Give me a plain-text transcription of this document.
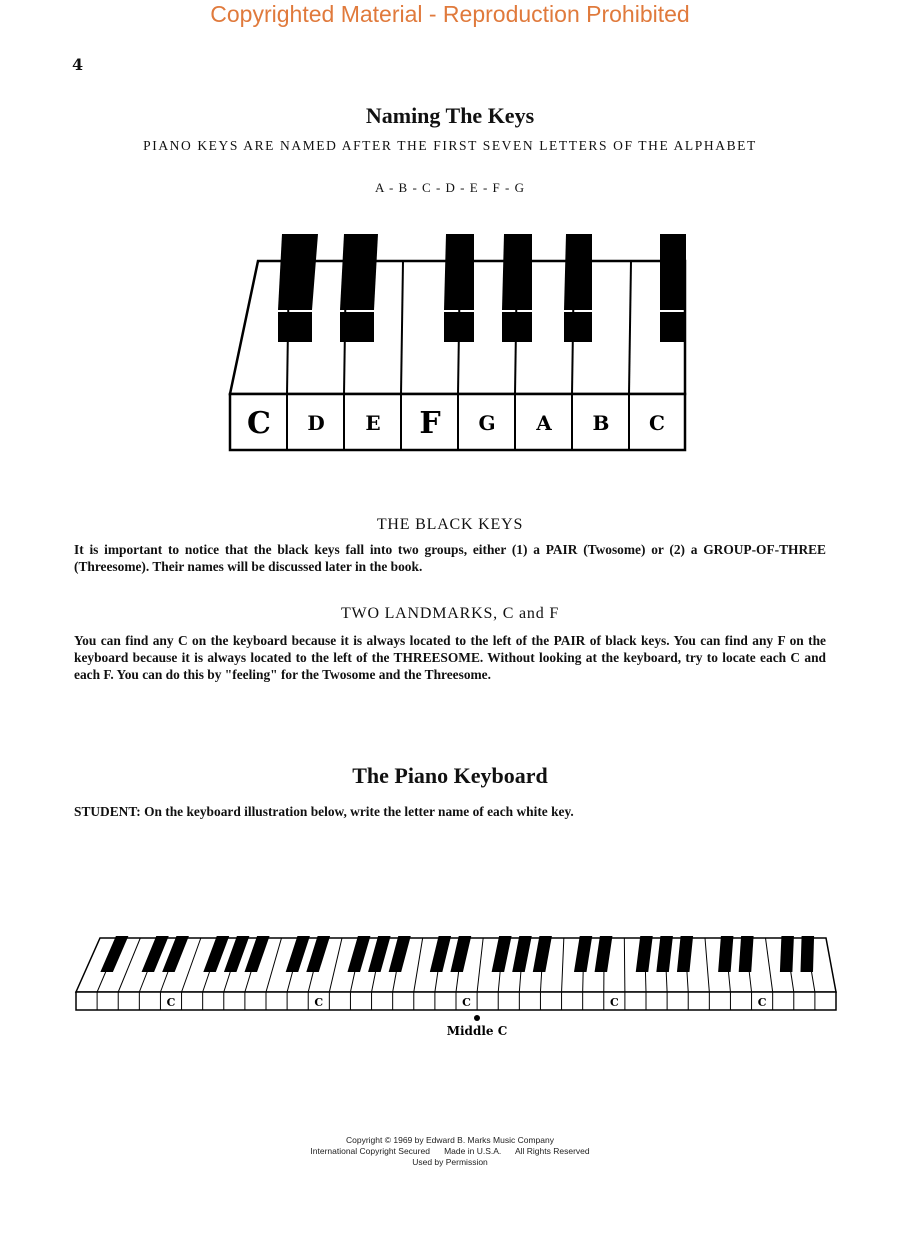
Copyrighted Material - Reproduction Prohibited
4
Naming The Keys
PIANO KEYS ARE NAMED AFTER THE FIRST SEVEN LETTERS OF THE ALPHABET
A - B - C - D - E - F - G
C D E F G A B C
THE BLACK KEYS
It is important to notice that the black keys fall into two groups, either (1) a PAIR (Twosome) or (2) a GROUP-OF-THREE (Threesome). Their names will be discussed later in the book.
TWO LANDMARKS, C and F
You can find any C on the keyboard because it is always located to the left of the PAIR of black keys. You can find any F on the keyboard because it is always located to the left of the THREESOME. Without looking at the keyboard, try to locate each C and each F. You can do this by "feeling" for the Twosome and the Threesome.
The Piano Keyboard
STUDENT: On the keyboard illustration below, write the letter name of each white key.
C	C	C	C	C
Middle C
Copyright © 1969 by Edward B. Marks Music Company
International Copyright Secured      Made in U.S.A.      All Rights Reserved
Used by Permission
